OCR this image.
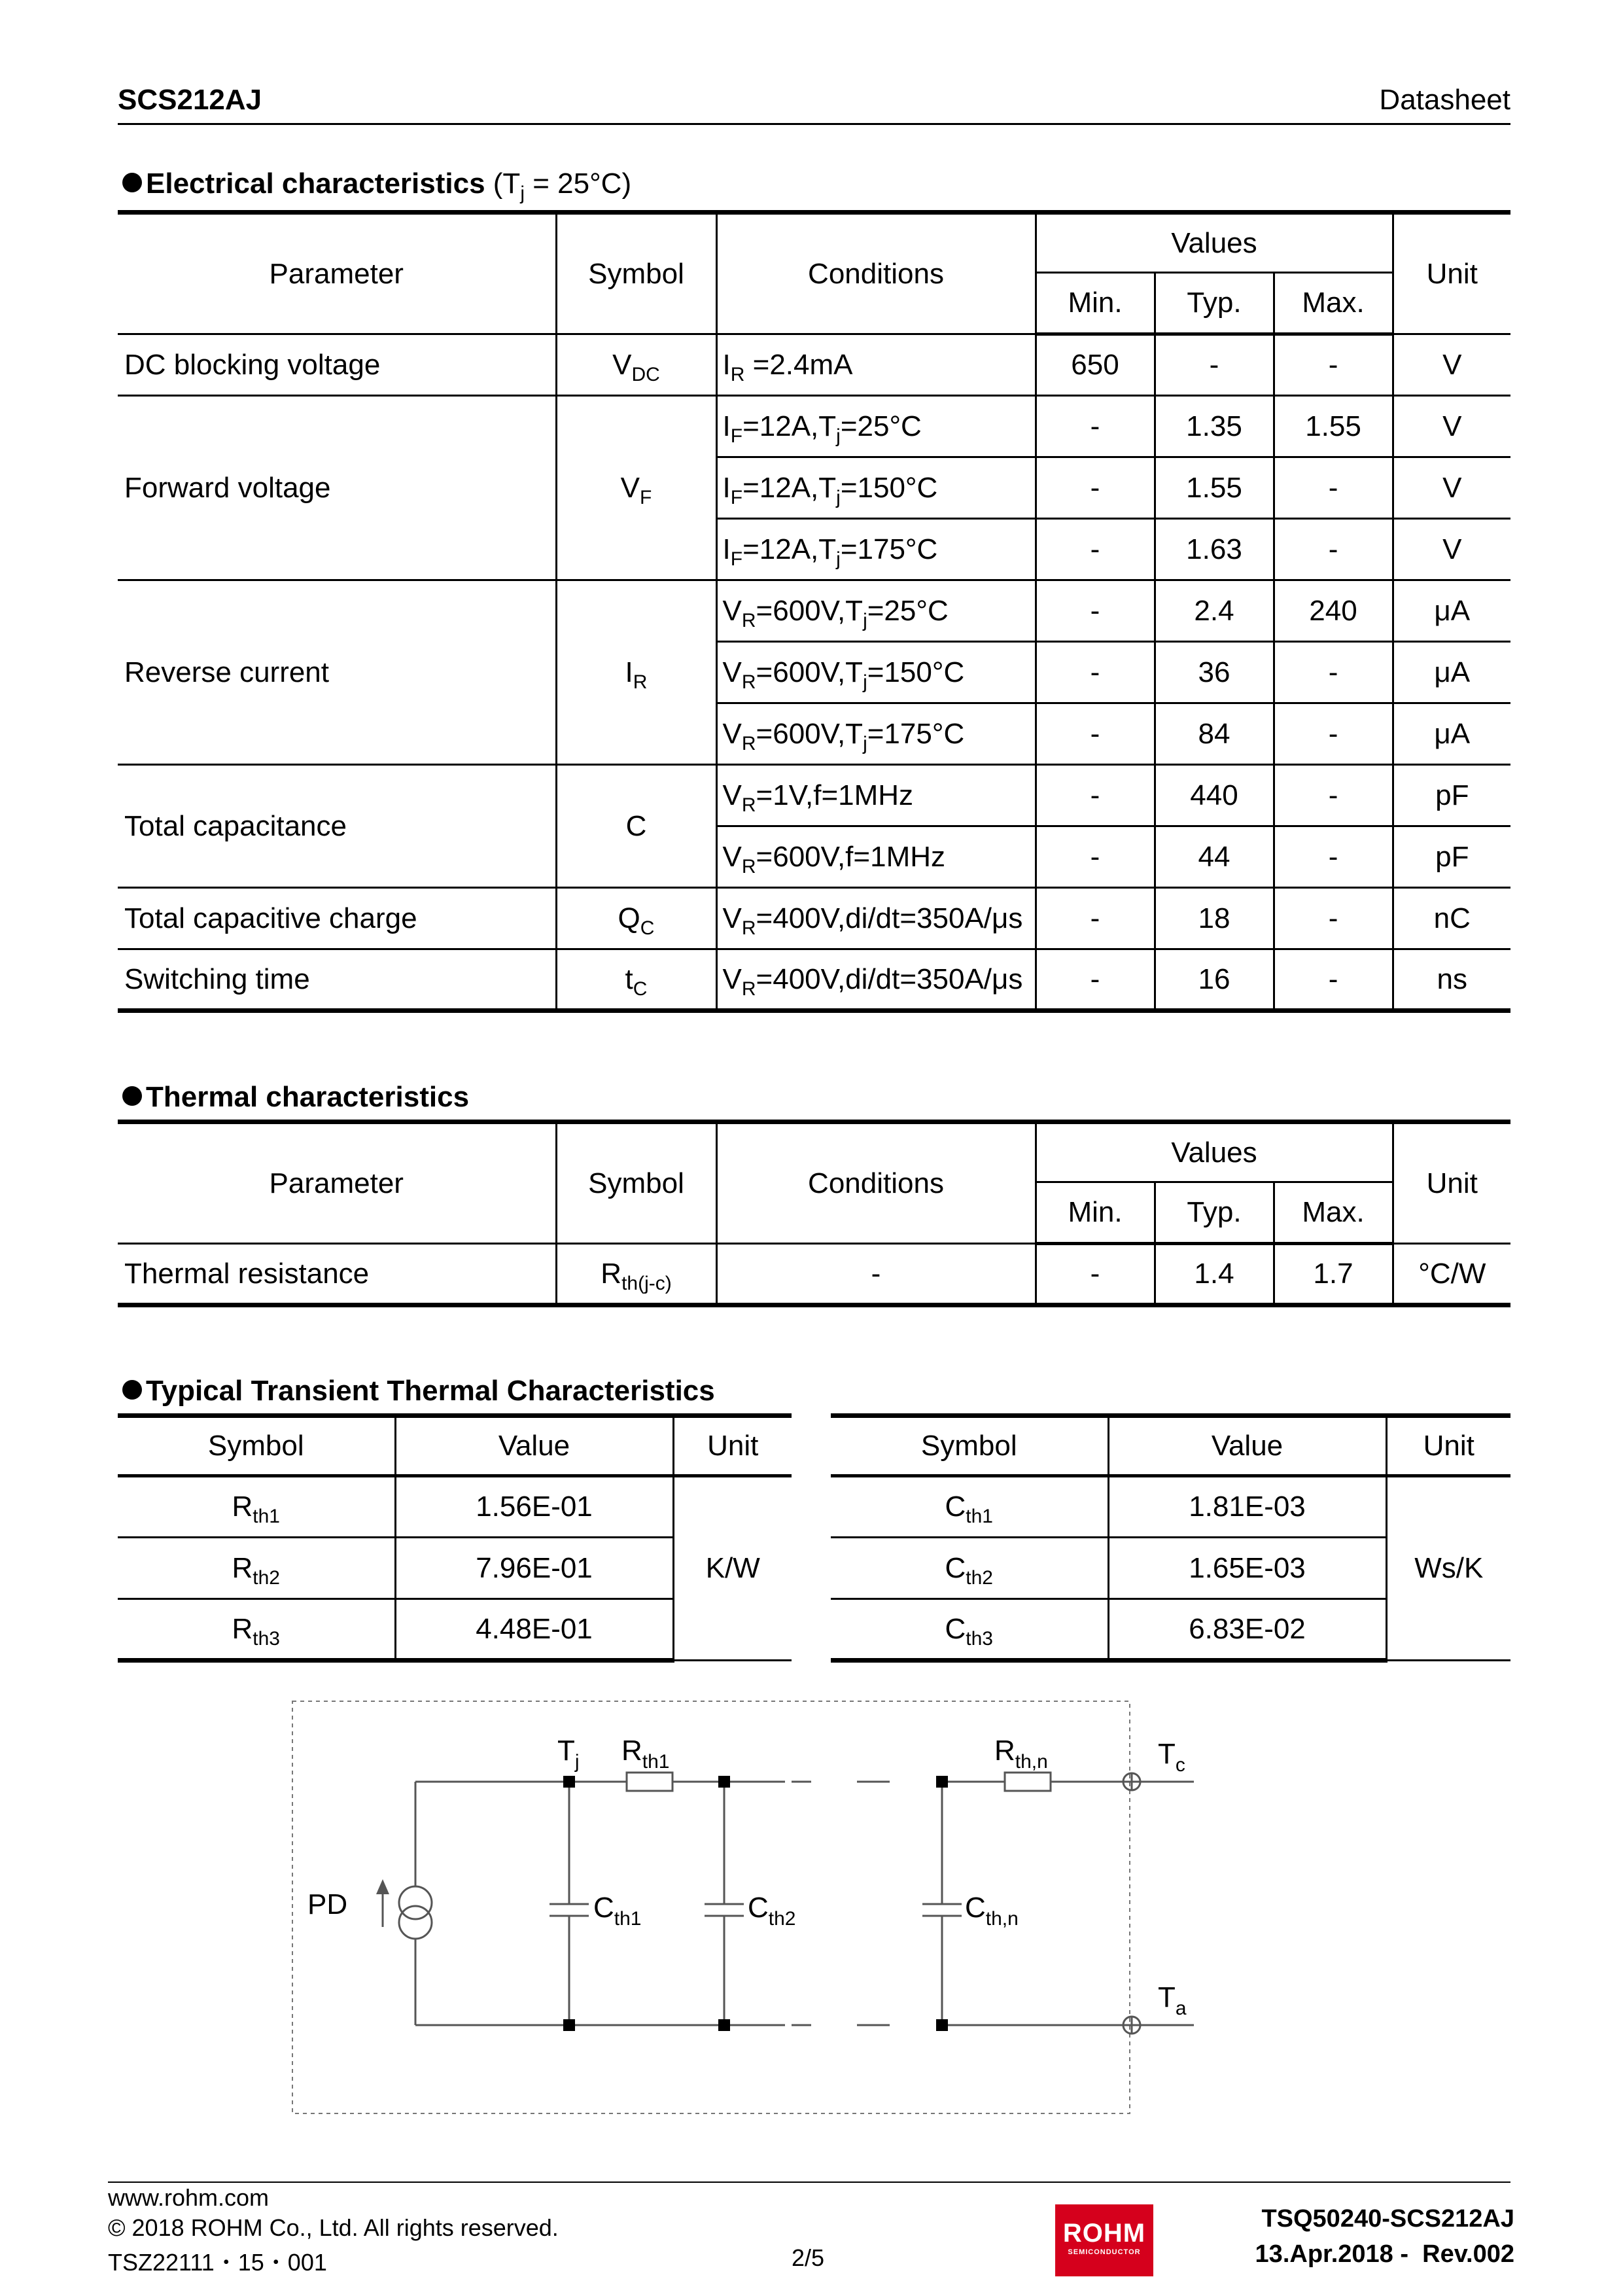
SCS212AJ	Datasheet
Electrical characteristics $(T_j = 25^\circ C)$
Parameter	Symbol	Conditions	Values			Unit
			Min.	Typ.	Max.	
DC blocking voltage	$V_{DC}$	$I_R =2.4mA$	650	-	-	V
Forward voltage	$V_F$	$I_F=12A,T_j=25^\circ C$	-	1.35	1.55	V
		$I_F=12A,T_j=150^\circ C$	-	1.55	-	V
		$I_F=12A,T_j=175^\circ C$	-	1.63	-	V
Reverse current	$I_R$	$V_R=600V,T_j=25^\circ C$	-	2.4	240	μA
		$V_R=600V,T_j=150^\circ C$	-	36	-	μA
		$V_R=600V,T_j=175^\circ C$	-	84	-	μA
Total capacitance	C	$V_R=1V,f=1MHz$	-	440	-	pF
		$V_R=600V,f=1MHz$	-	44	-	pF
Total capacitive charge	$Q_C$	$V_R=400V,di/dt=350A/\mu s$	-	18	-	nC
Switching time	$t_C$	$V_R=400V,di/dt=350A/\mu s$	-	16	-	ns
Thermal characteristics
Parameter	Symbol	Conditions	Values			Unit
			Min.	Typ.	Max.	
Thermal resistance	$R_{th(j-c)}$	-	-	1.4	1.7	°C/W
Typical Transient Thermal Characteristics
Symbol	Value	Unit
$R_{th1}$	1.56E-01	K/W
$R_{th2}$	7.96E-01	
$R_{th3}$	4.48E-01	
Symbol	Value	Unit
$C_{th1}$	1.81E-03	Ws/K
$C_{th2}$	1.65E-03	
$C_{th3}$	6.83E-02	
PD
$T_j$ $R_{th1}$	$R_{th,n}$	$T_c$
$T_a$
$C_{th1}$	$C_{th2}$	$C_{th,n}$
www.rohm.com
© 2018 ROHM Co., Ltd. All rights reserved.
TSZ22111・15・001	2/5
ROHM
SEMICONDUCTOR
TSQ50240-SCS212AJ
13.Apr.2018 -  Rev.002
